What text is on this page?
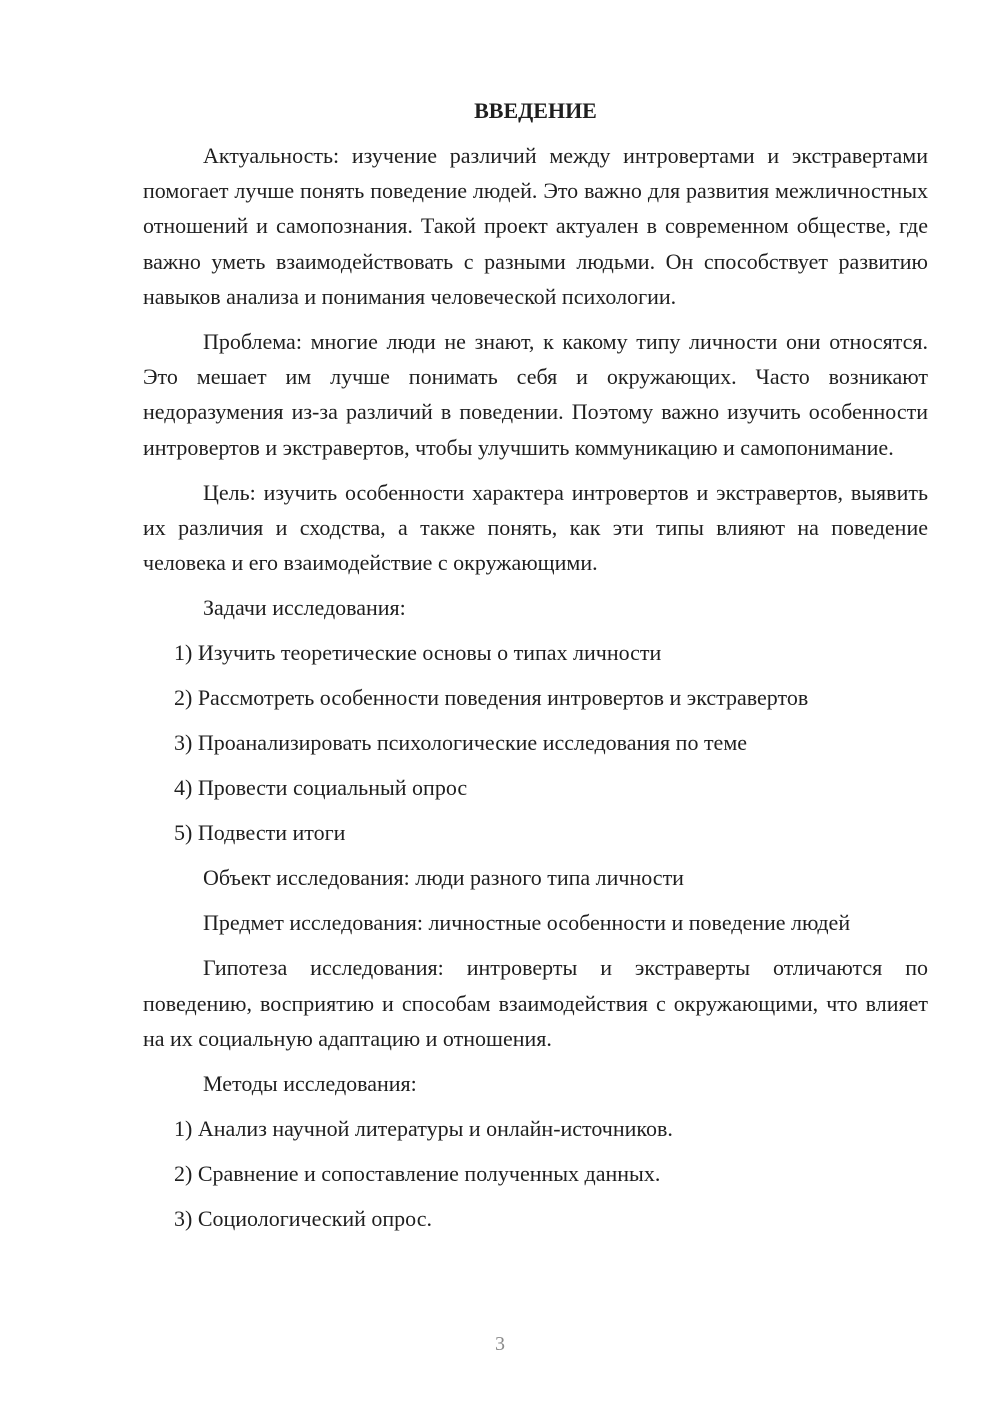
ВВЕДЕНИЕ

Актуальность: изучение различий между интровертами и экстравертами помогает лучше понять поведение людей. Это важно для развития межличностных отношений и самопознания. Такой проект актуален в современном обществе, где важно уметь взаимодействовать с разными людьми. Он способствует развитию навыков анализа и понимания человеческой психологии.

Проблема: многие люди не знают, к какому типу личности они относятся. Это мешает им лучше понимать себя и окружающих. Часто возникают недоразумения из-за различий в поведении. Поэтому важно изучить особенности интровертов и экстравертов, чтобы улучшить коммуникацию и самопонимание.

Цель: изучить особенности характера интровертов и экстравертов, выявить их различия и сходства, а также понять, как эти типы влияют на поведение человека и его взаимодействие с окружающими.

Задачи исследования:

1) Изучить теоретические основы о типах личности

2) Рассмотреть особенности поведения интровертов и экстравертов

3) Проанализировать психологические исследования по теме

4) Провести социальный опрос

5) Подвести итоги

Объект исследования: люди разного типа личности

Предмет исследования: личностные особенности и поведение людей

Гипотеза исследования: интроверты и экстраверты отличаются по поведению, восприятию и способам взаимодействия с окружающими, что влияет на их социальную адаптацию и отношения.

Методы исследования:

1) Анализ научной литературы и онлайн-источников.

2) Сравнение и сопоставление полученных данных.

3) Социологический опрос.

3
